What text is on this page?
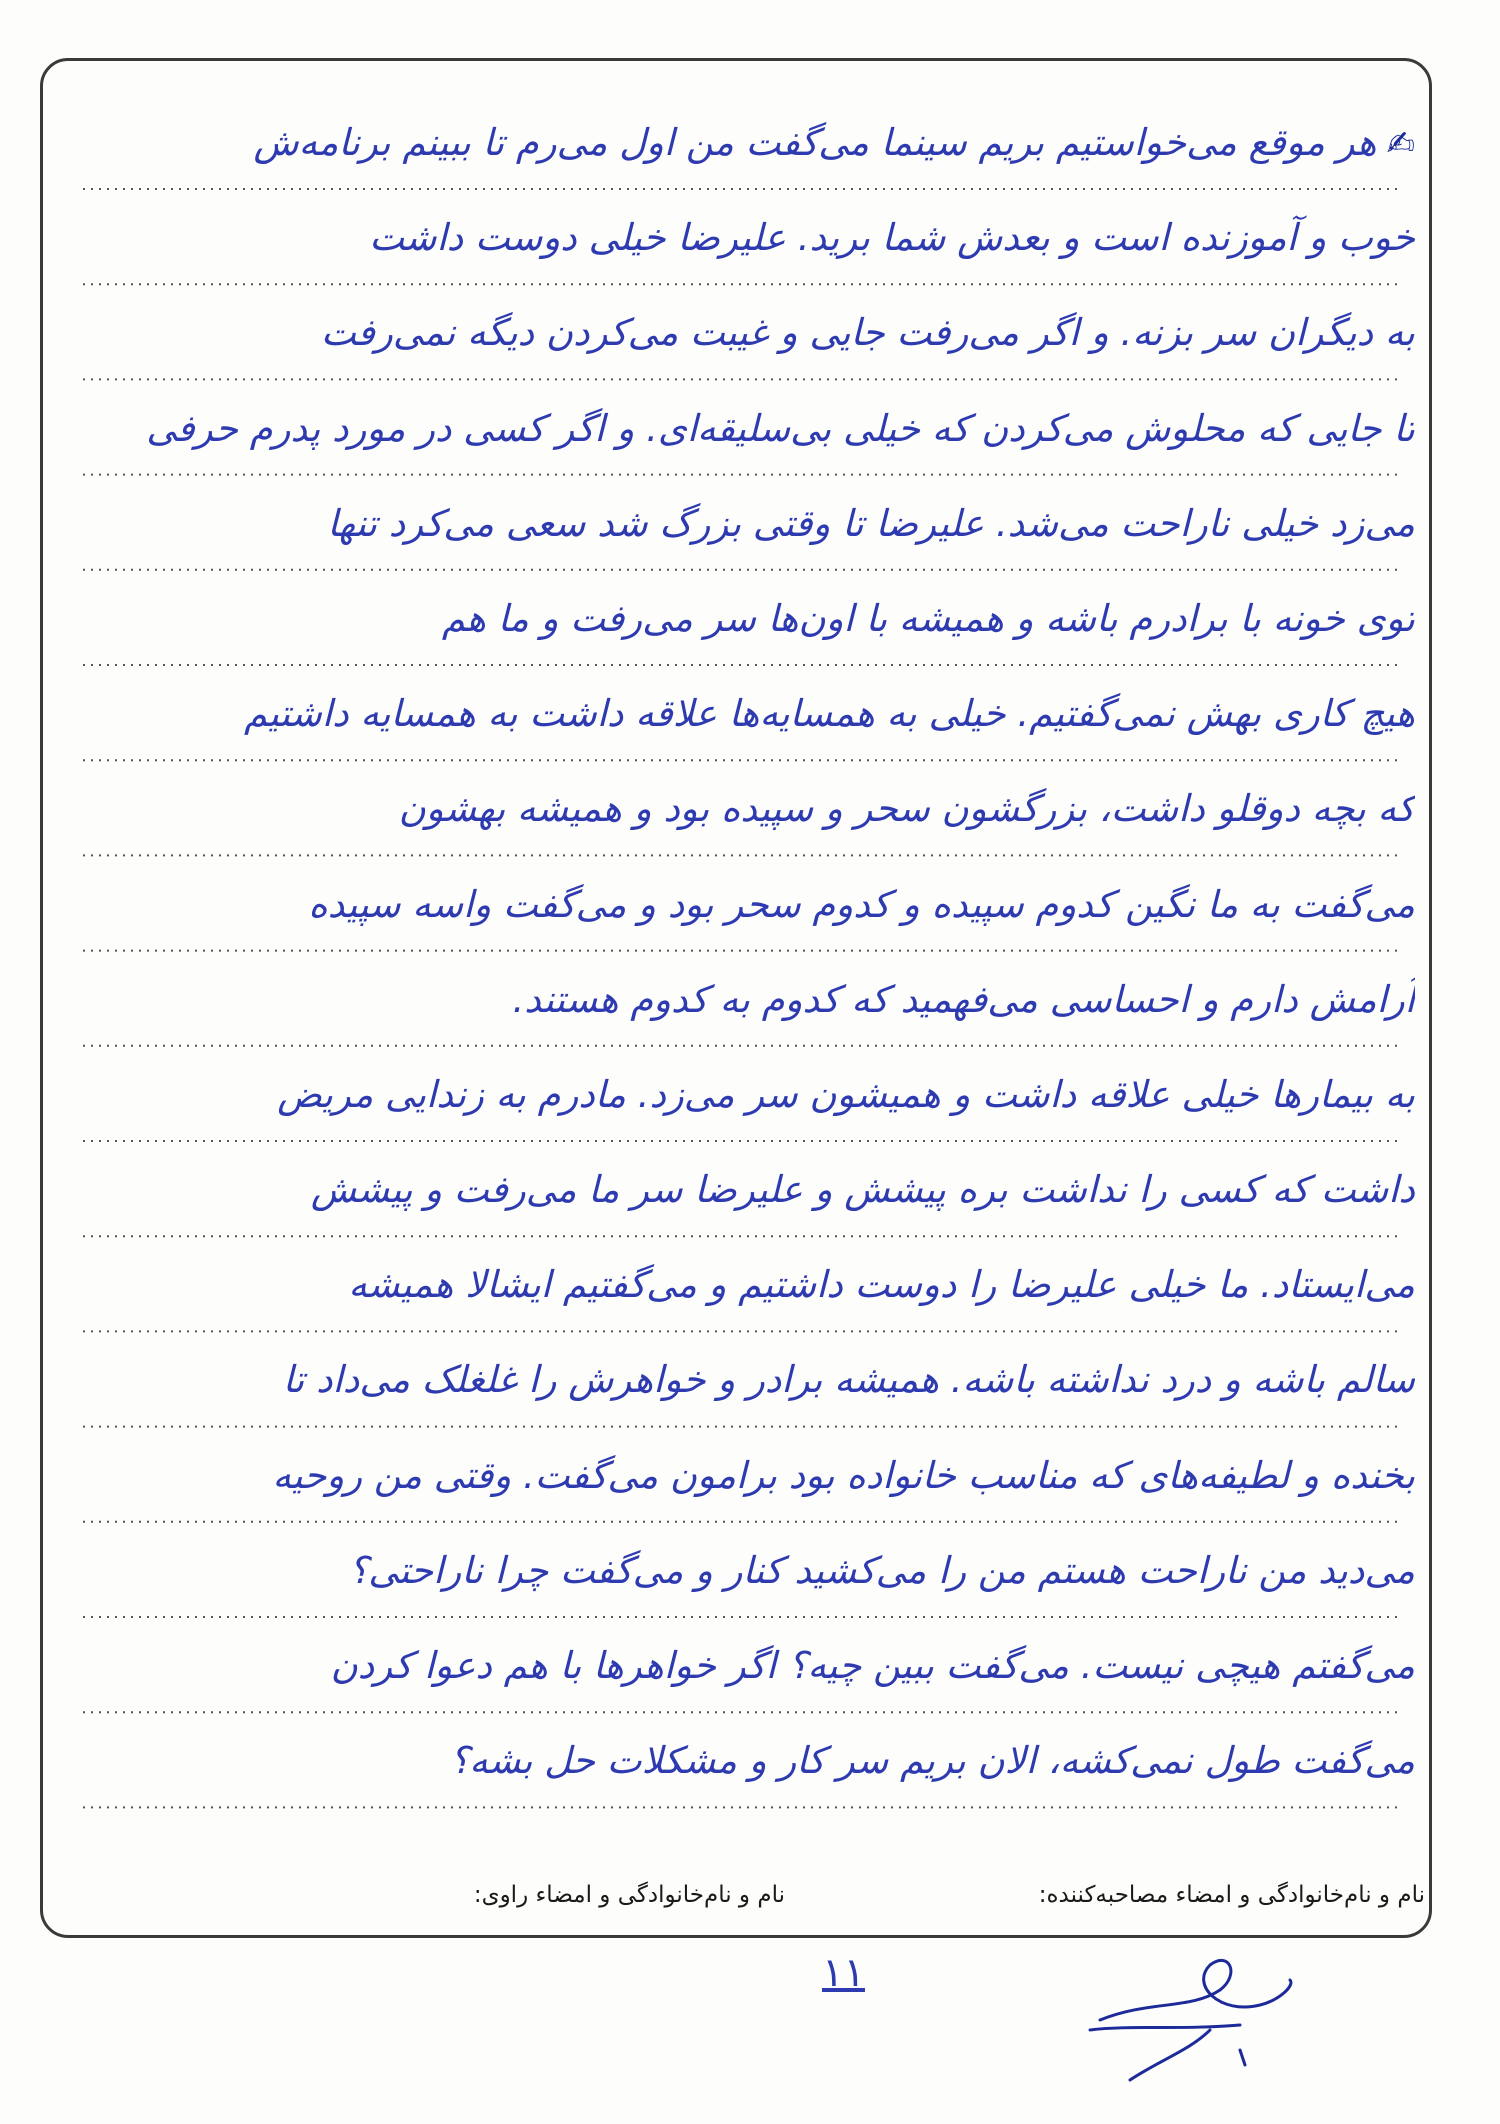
✍هر موقع می‌خواستیم بریم سینما می‌گفت من اول می‌رم تا ببینم برنامه‌ش
خوب و آموزنده است و بعدش شما برید. علیرضا خیلی دوست داشت
به دیگران سر بزنه. و اگر می‌رفت جایی و غیبت می‌کردن دیگه نمی‌رفت
تا جایی که محلوش می‌کردن که خیلی بی‌سلیقه‌ای. و اگر کسی در مورد پدرم حرفی
می‌زد خیلی ناراحت می‌شد. علیرضا تا وقتی بزرگ شد سعی می‌کرد تنها
توی خونه با برادرم باشه و همیشه با اون‌ها سر می‌رفت و ما هم
هیچ کاری بهش نمی‌گفتیم. خیلی به همسایه‌ها علاقه داشت به همسایه داشتیم
که بچه دوقلو داشت، بزرگشون سحر و سپیده بود و همیشه بهشون
می‌گفت به ما نگین کدوم سپیده و کدوم سحر بود و می‌گفت واسه سپیده
آرامش دارم و احساسی می‌فهمید که کدوم به کدوم هستند.
به بیمارها خیلی علاقه داشت و همیشون سر می‌زد. مادرم به زندایی مریض
داشت که کسی را نداشت بره پیشش و علیرضا سر ما می‌رفت و پیشش
می‌ایستاد. ما خیلی علیرضا را دوست داشتیم و می‌گفتیم ایشالا همیشه
سالم باشه و درد نداشته باشه. همیشه برادر و خواهرش را غلغلک می‌داد تا
بخنده و لطیفه‌های که مناسب خانواده بود برامون می‌گفت. وقتی من روحیه
می‌دید من ناراحت هستم من را می‌کشید کنار و می‌گفت چرا ناراحتی؟
می‌گفتم هیچی نیست. می‌گفت ببین چیه؟ اگر خواهرها با هم دعوا کردن
می‌گفت طول نمی‌کشه، الان بریم سر کار و مشکلات حل بشه؟
نام و نام‌خانوادگی و امضاء مصاحبه‌کننده:
نام و نام‌خانوادگی و امضاء راوی:
۱۱
